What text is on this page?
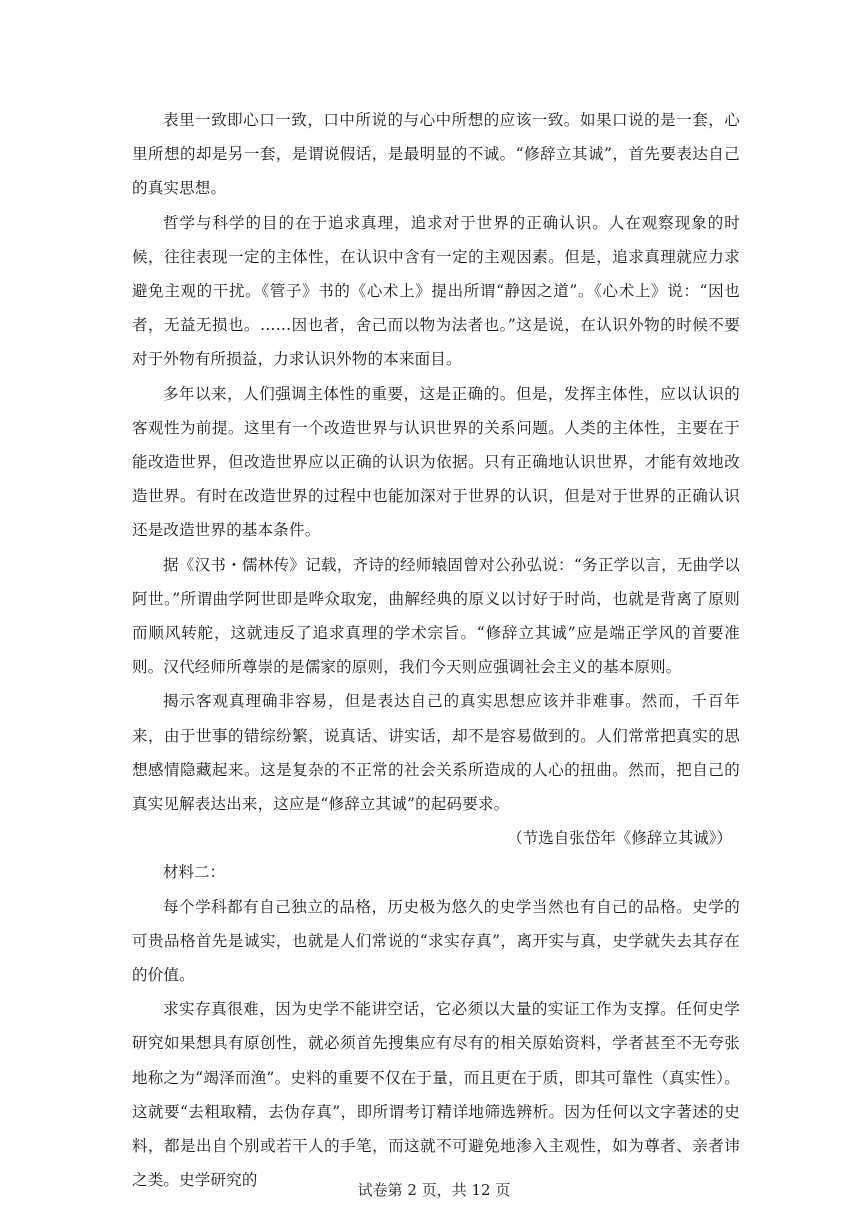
表里一致即心口一致，口中所说的与心中所想的应该一致。如果口说的是一套，心里所想的却是另一套，是谓说假话，是最明显的不诚。“修辞立其诚”，首先要表达自己的真实思想。

哲学与科学的目的在于追求真理，追求对于世界的正确认识。人在观察现象的时候，往往表现一定的主体性，在认识中含有一定的主观因素。但是，追求真理就应力求避免主观的干扰。《管子》书的《心术上》提出所谓“静因之道”。《心术上》说：“因也者，无益无损也。……因也者，舍己而以物为法者也。”这是说，在认识外物的时候不要对于外物有所损益，力求认识外物的本来面目。

多年以来，人们强调主体性的重要，这是正确的。但是，发挥主体性，应以认识的客观性为前提。这里有一个改造世界与认识世界的关系问题。人类的主体性，主要在于能改造世界，但改造世界应以正确的认识为依据。只有正确地认识世界，才能有效地改造世界。有时在改造世界的过程中也能加深对于世界的认识，但是对于世界的正确认识还是改造世界的基本条件。

据《汉书・儒林传》记载，齐诗的经师辕固曾对公孙弘说：“务正学以言，无曲学以阿世。”所谓曲学阿世即是哗众取宠，曲解经典的原义以讨好于时尚，也就是背离了原则而顺风转舵，这就违反了追求真理的学术宗旨。“修辞立其诚”应是端正学风的首要准则。汉代经师所尊崇的是儒家的原则，我们今天则应强调社会主义的基本原则。

揭示客观真理确非容易，但是表达自己的真实思想应该并非难事。然而，千百年来，由于世事的错综纷繁，说真话、讲实话，却不是容易做到的。人们常常把真实的思想感情隐藏起来。这是复杂的不正常的社会关系所造成的人心的扭曲。然而，把自己的真实见解表达出来，这应是“修辞立其诚”的起码要求。

（节选自张岱年《修辞立其诚》）

材料二：

每个学科都有自己独立的品格，历史极为悠久的史学当然也有自己的品格。史学的可贵品格首先是诚实，也就是人们常说的“求实存真”，离开实与真，史学就失去其存在的价值。

求实存真很难，因为史学不能讲空话，它必须以大量的实证工作为支撑。任何史学研究如果想具有原创性，就必须首先搜集应有尽有的相关原始资料，学者甚至不无夸张地称之为“竭泽而渔”。史料的重要不仅在于量，而且更在于质，即其可靠性（真实性）。这就要“去粗取精，去伪存真”，即所谓考订精详地筛选辨析。因为任何以文字著述的史料，都是出自个别或若干人的手笔，而这就不可避免地渗入主观性，如为尊者、亲者讳之类。史学研究的

试卷第 2 页，共 12 页
